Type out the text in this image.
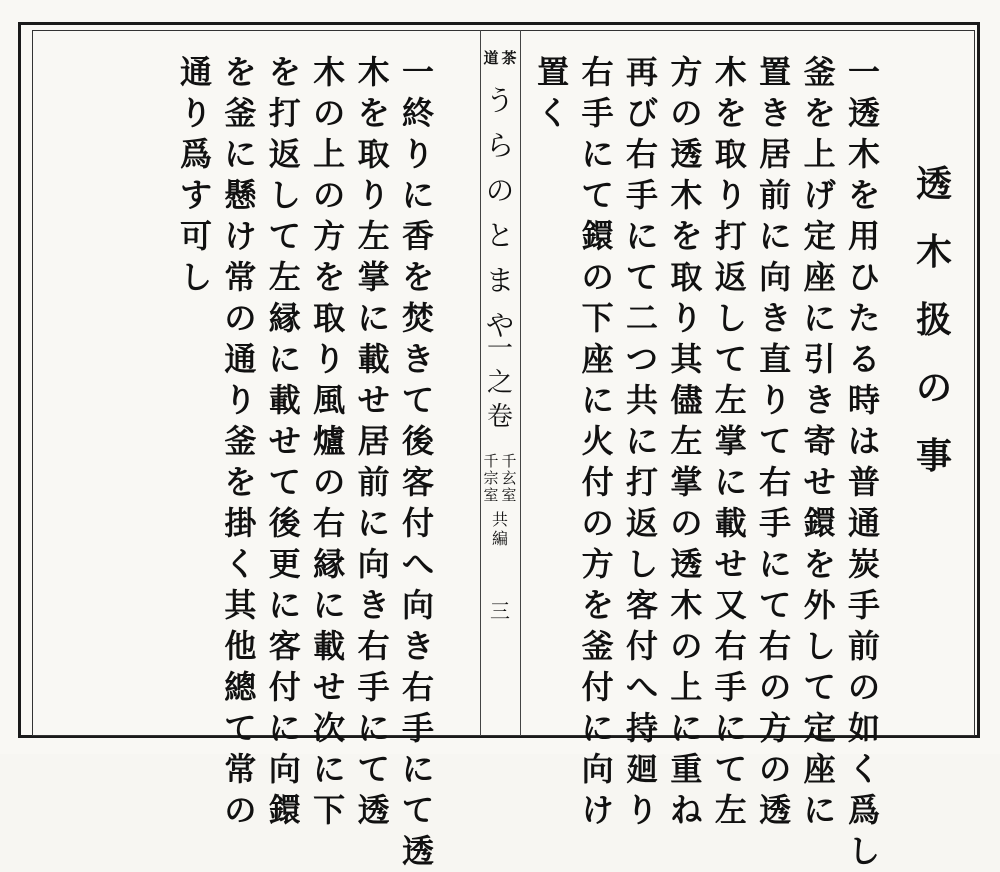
透
木
扱
の
事
一
透
木
を
用
ひ
た
る
時
は
普
通
炭
手
前
の
如
く
爲
し
釜
を
上
げ
定
座
に
引
き
寄
せ
鐶
を
外
し
て
定
座
に
置
き
居
前
に
向
き
直
り
て
右
手
に
て
右
の
方
の
透
木
を
取
り
打
返
し
て
左
掌
に
載
せ
又
右
手
に
て
左
方
の
透
木
を
取
り
其
儘
左
掌
の
透
木
の
上
に
重
ね
再
び
右
手
に
て
二
つ
共
に
打
返
し
客
付
へ
持
廻
り
右
手
に
て
鐶
の
下
座
に
火
付
の
方
を
釜
付
に
向
け
置
く
一
終
り
に
香
を
焚
き
て
後
客
付
へ
向
き
右
手
に
て
透
木
を
取
り
左
掌
に
載
せ
居
前
に
向
き
右
手
に
て
透
木
の
上
の
方
を
取
り
風
爐
の
右
縁
に
載
せ
次
に
下
を
打
返
し
て
左
縁
に
載
せ
て
後
更
に
客
付
に
向
鐶
を
釜
に
懸
け
常
の
通
り
釜
を
掛
く
其
他
總
て
常
の
通
り
爲
す
可
し
茶
道
う
ら
の
と
ま
や
一
之
卷
千
玄
室
千
宗
室
共
編
三
